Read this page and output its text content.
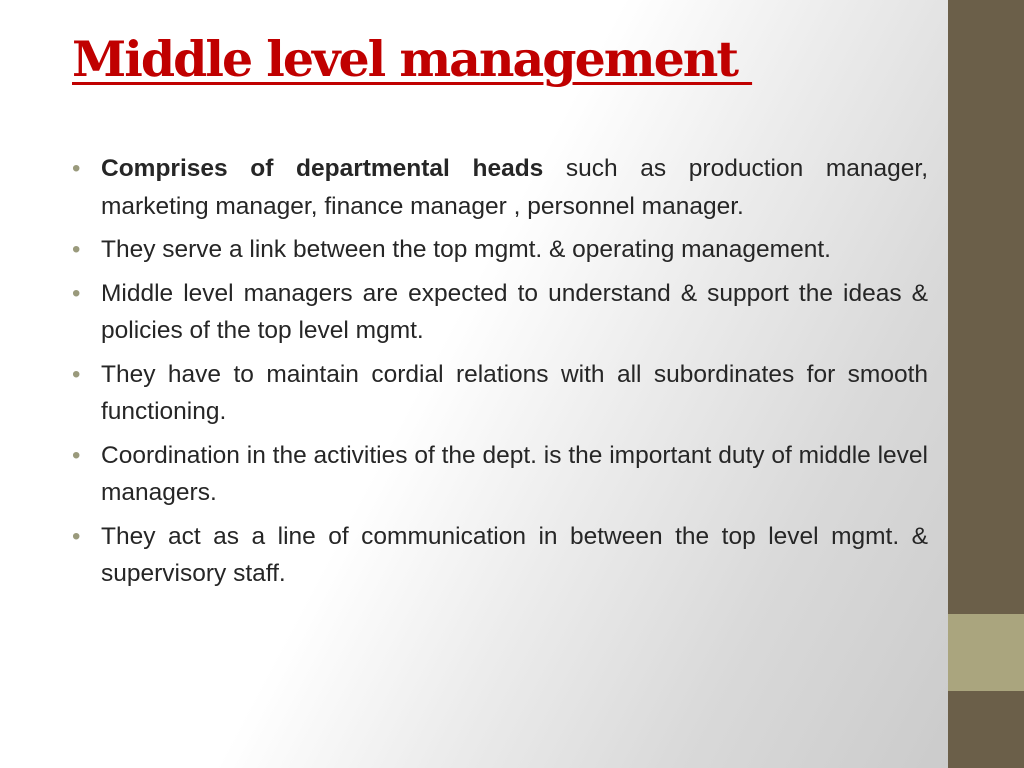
Middle level management
• Comprises of departmental heads such as production manager, marketing manager, finance manager , personnel manager.
• They serve a link between the top mgmt. & operating management.
• Middle level managers are expected to understand & support the ideas & policies of the top level mgmt.
• They have to maintain cordial relations with all subordinates for smooth functioning.
• Coordination in the activities of the dept. is the important duty of middle level managers.
• They act as a line of communication in between the top level mgmt. & supervisory staff.
